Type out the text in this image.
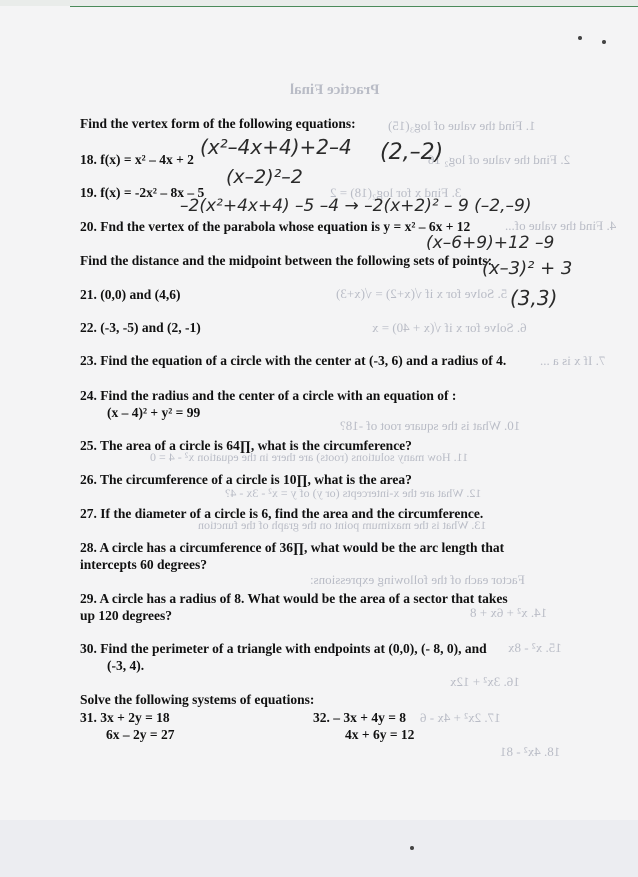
Practice Final
1. Find the value of log₃(15)
2. Find the value of log₂ 16
3. Find x for log₂(18) = 2
4. Find the value of...
5. Solve for x if √(x+2) = √(x+3)
6. Solve for x if √(x + 40) = x
7. If x is a ...
10. What is the square root of -18?
11. How many solutions (roots) are there in the equation x² - 4 = 0
12. What are the x-intercepts (or y) of y = x² - 3x - 4?
13. What is the maximum point on the graph of the function
Factor each of the following expressions:
14. x² + 6x + 8
15. x² - 8x
16. 3x² + 12x
17. 2x² + 4x - 6
18. 4x² - 81
Find the vertex form of the following equations:
18. f(x) = x² – 4x + 2
19. f(x) = -2x² – 8x – 5
20. Fnd the vertex of the parabola whose equation is y = x² – 6x + 12
Find the distance and the midpoint between the following sets of points:
21. (0,0) and (4,6)
22. (-3, -5) and (2, -1)
23. Find the equation of a circle with the center at (-3, 6) and a radius of 4.
24. Find the radius and the center of a circle with an equation of :
(x – 4)² + y² = 99
25. The area of a circle is 64∏, what is the circumference?
26. The circumference of a circle is 10∏, what is the area?
27. If the diameter of a circle is 6, find the area and the circumference.
28. A circle has a circumference of 36∏, what would be the arc length that
intercepts 60 degrees?
29. A circle has a radius of 8. What would be the area of a sector that takes
up 120 degrees?
30. Find the perimeter of a triangle with endpoints at (0,0), (- 8, 0), and
(-3, 4).
Solve the following systems of equations:
31. 3x + 2y = 18
6x – 2y = 27
32. – 3x + 4y = 8
4x + 6y = 12
(x²–4x+4)+2–4
(x–2)²–2
(2,–2)
–2(x²+4x+4) –5 –4 → –2(x+2)² – 9 (–2,–9)
(x–6+9)+12 –9
(x–3)² + 3
(3,3)
